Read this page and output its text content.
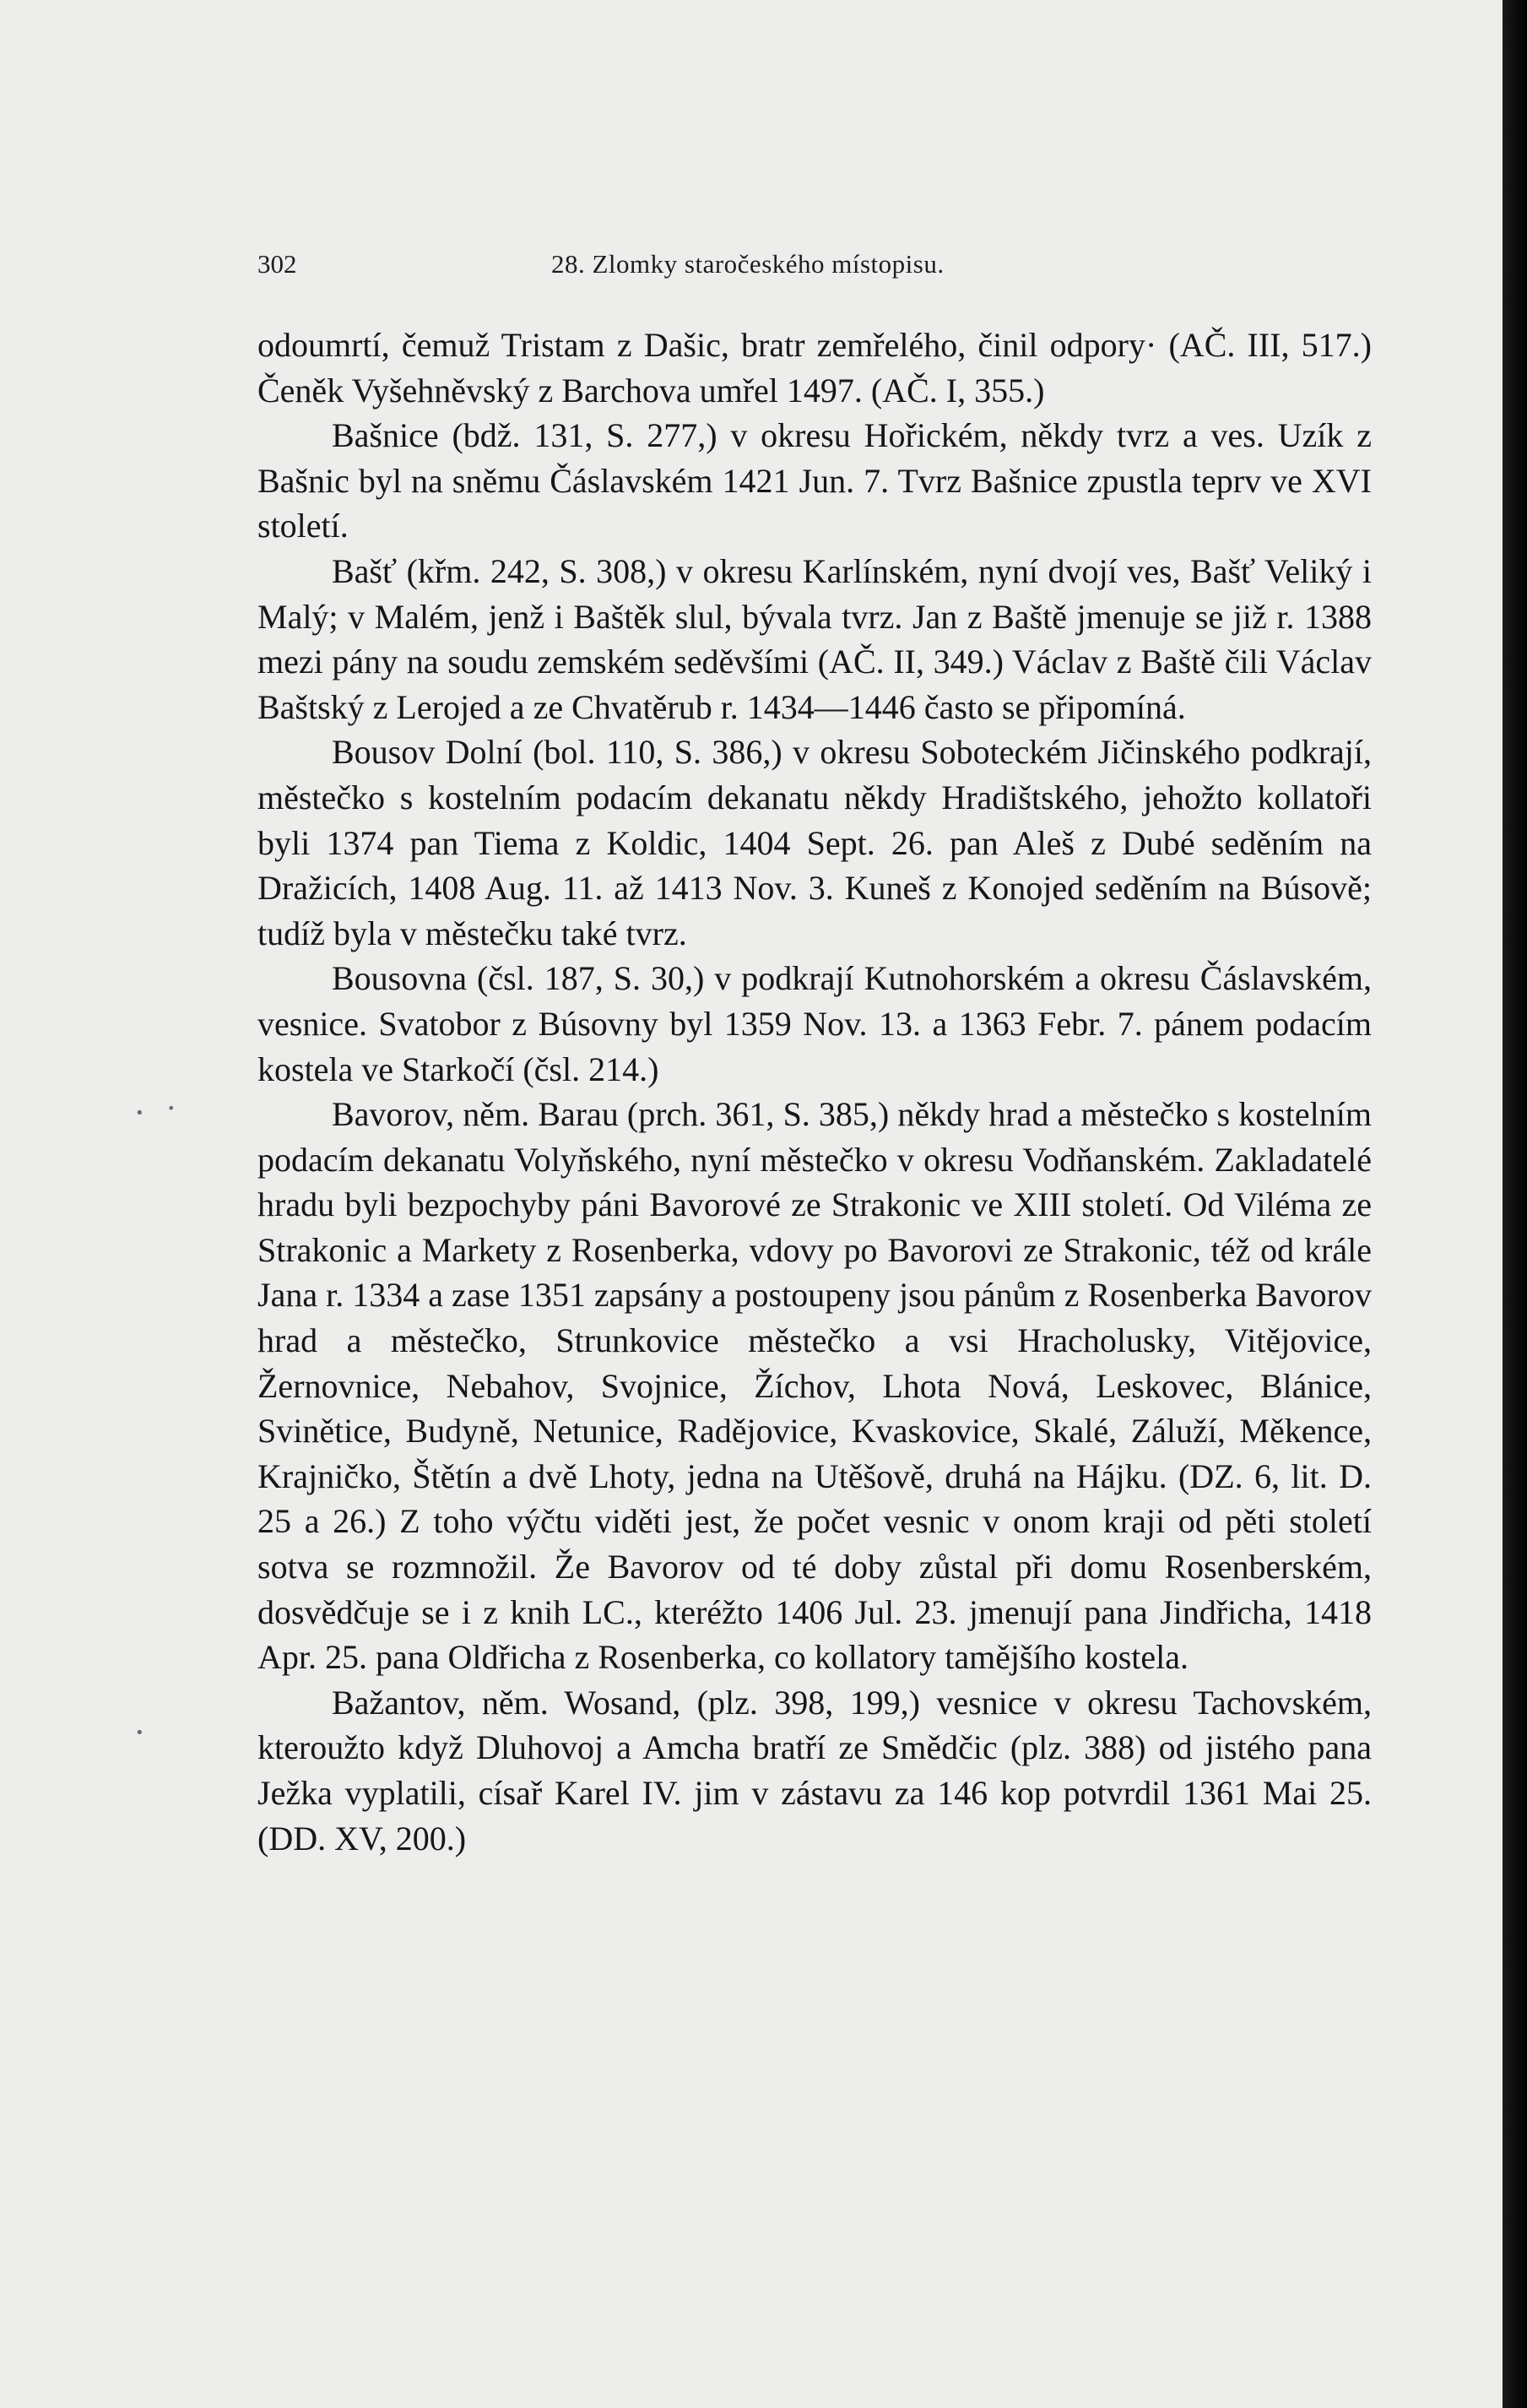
302	28. Zlomky staročeského místopisu.

odoumrtí, čemuž Tristam z Dašic, bratr zemřelého, činil odpory· (AČ. III, 517.) Čeněk Vyšehněvský z Barchova umřel 1497. (AČ. I, 355.)

Bašnice (bdž. 131, S. 277,) v okresu Hořickém, někdy tvrz a ves. Uzík z Bašnic byl na sněmu Čáslavském 1421 Jun. 7. Tvrz Bašnice zpustla teprv ve XVI století.

Bašť (křm. 242, S. 308,) v okresu Karlínském, nyní dvojí ves, Bašť Veliký i Malý; v Malém, jenž i Baštěk slul, bývala tvrz. Jan z Baště jmenuje se již r. 1388 mezi pány na soudu zemském seděvšími (AČ. II, 349.) Václav z Baště čili Václav Baštský z Lerojed a ze Chvatěrub r. 1434—1446 často se připomíná.

Bousov Dolní (bol. 110, S. 386,) v okresu Soboteckém Jičinského podkrají, městečko s kostelním podacím dekanatu někdy Hradištského, jehožto kollatoři byli 1374 pan Tiema z Koldic, 1404 Sept. 26. pan Aleš z Dubé seděním na Dražicích, 1408 Aug. 11. až 1413 Nov. 3. Kuneš z Konojed seděním na Búsově; tudíž byla v městečku také tvrz.

Bousovna (čsl. 187, S. 30,) v podkrají Kutnohorském a okresu Čáslavském, vesnice. Svatobor z Búsovny byl 1359 Nov. 13. a 1363 Febr. 7. pánem podacím kostela ve Starkočí (čsl. 214.)

Bavorov, něm. Barau (prch. 361, S. 385,) někdy hrad a městečko s kostelním podacím dekanatu Volyňského, nyní městečko v okresu Vodňanském. Zakladatelé hradu byli bezpochyby páni Bavorové ze Strakonic ve XIII století. Od Viléma ze Strakonic a Markety z Rosenberka, vdovy po Bavorovi ze Strakonic, též od krále Jana r. 1334 a zase 1351 zapsány a postoupeny jsou pánům z Rosenberka Bavorov hrad a městečko, Strunkovice městečko a vsi Hracholusky, Vitějovice, Žernovnice, Nebahov, Svojnice, Žíchov, Lhota Nová, Leskovec, Blánice, Svinětice, Budyně, Netunice, Radějovice, Kvaskovice, Skalé, Záluží, Měkence, Krajničko, Štětín a dvě Lhoty, jedna na Utěšově, druhá na Hájku. (DZ. 6, lit. D. 25 a 26.) Z toho výčtu viděti jest, že počet vesnic v onom kraji od pěti století sotva se rozmnožil. Že Bavorov od té doby zůstal při domu Rosenberském, dosvědčuje se i z knih LC., kteréžto 1406 Jul. 23. jmenují pana Jindřicha, 1418 Apr. 25. pana Oldřicha z Rosenberka, co kollatory tamějšího kostela.

Bažantov, něm. Wosand, (plz. 398, 199,) vesnice v okresu Tachovském, kteroužto když Dluhovoj a Amcha bratří ze Smědčic (plz. 388) od jistého pana Ježka vyplatili, císař Karel IV. jim v zástavu za 146 kop potvrdil 1361 Mai 25. (DD. XV, 200.)

• •
•
